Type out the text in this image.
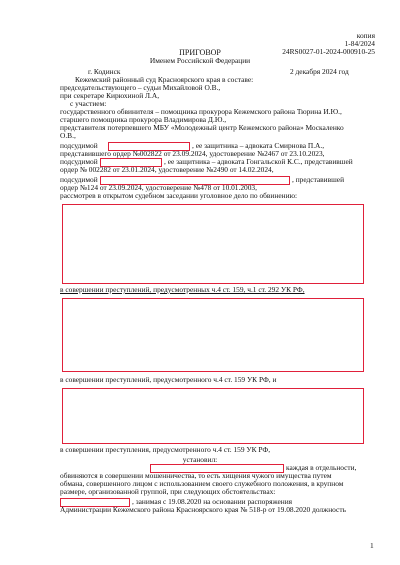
копия
1-84/2024
24RS0027-01-2024-000910-25
ПРИГОВОР
Именем Российской Федерации
г. Кодинск	2 декабря 2024 год
Кежемский районный суд Красноярского края в составе:
председательствующего – судьи Михайловой О.В.,
при секретаре Кирюхиной Л.А,
с участием:
государственного обвинителя – помощника прокурора Кежемского района Тюрина И.Ю.,
старшего помощника прокурора Владимирова Д.Ю.,
представителя потерпевшего МБУ «Молодежный центр Кежемского района» Москаленко
О.В.,
подсудимой	, ее защитника – адвоката Смирнова П.А.,
представившего ордер №002822 от 23.09.2024, удостоверение №2467 от 23.10.2023,
подсудимой	, ее защитника – адвоката Гонгальской К.С., представившей
ордер № 002282 от 23.01.2024, удостоверение №2490 от 14.02.2024,
подсудимой	, представившей
ордер №124 от 23.09.2024, удостоверение №478 от 10.01.2003,
рассмотрев в открытом судебном заседании уголовное дело по обвинению:
в совершении преступлений, предусмотренных ч.4 ст. 159, ч.1 ст. 292 УК РФ,
в совершении преступлений, предусмотренного ч.4 ст. 159 УК РФ, и
в совершении преступления, предусмотренного ч.4 ст. 159 УК РФ,
установил:
каждая в отдельности,
обвиняются в совершении мошенничества, то есть хищения чужого имущества путем
обмана, совершенного лицом с использованием своего служебного положения, в крупном
размере, организованной группой, при следующих обстоятельствах:
, занимая с 19.08.2020 на основании распоряжения
Администрации Кежемского района Красноярского края № 518-р от 19.08.2020 должность
1
